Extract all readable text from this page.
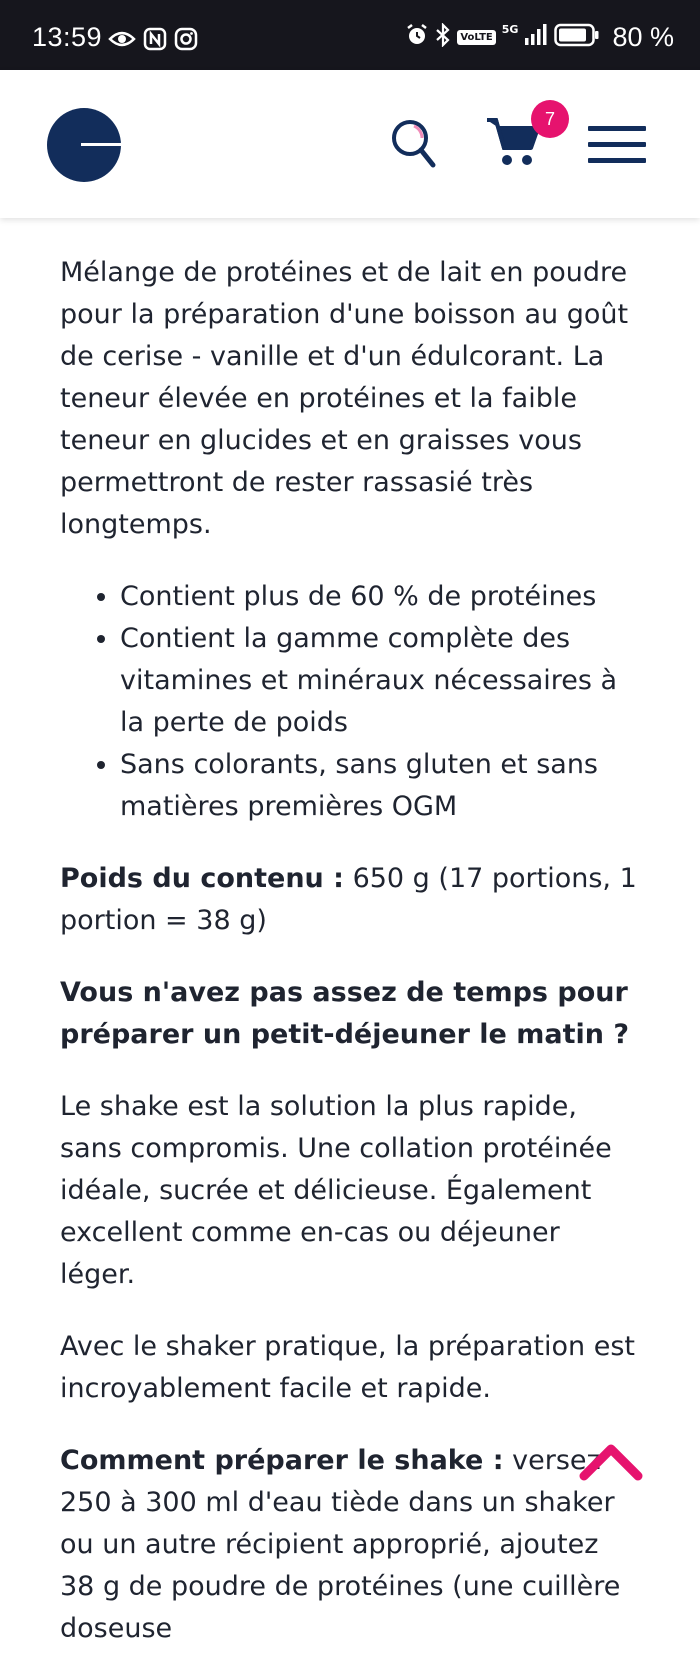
13:59	VoLTE
5G	80 %
7

Mélange de protéines et de lait en poudre pour la préparation d'une boisson au goût de cerise - vanille et d'un édulcorant. La teneur élevée en protéines et la faible teneur en glucides et en graisses vous permettront de rester rassasié très longtemps.

• Contient plus de 60 % de protéines
• Contient la gamme complète des vitamines et minéraux nécessaires à la perte de poids
• Sans colorants, sans gluten et sans matières premières OGM

Poids du contenu : 650 g (17 portions, 1 portion = 38 g)

Vous n'avez pas assez de temps pour préparer un petit-déjeuner le matin ?

Le shake est la solution la plus rapide, sans compromis. Une collation protéinée idéale, sucrée et délicieuse. Également excellent comme en-cas ou déjeuner léger.

Avec le shaker pratique, la préparation est incroyablement facile et rapide.

Comment préparer le shake : versez 250 à 300 ml d'eau tiède dans un shaker ou un autre récipient approprié, ajoutez 38 g de poudre de protéines (une cuillère doseuse
